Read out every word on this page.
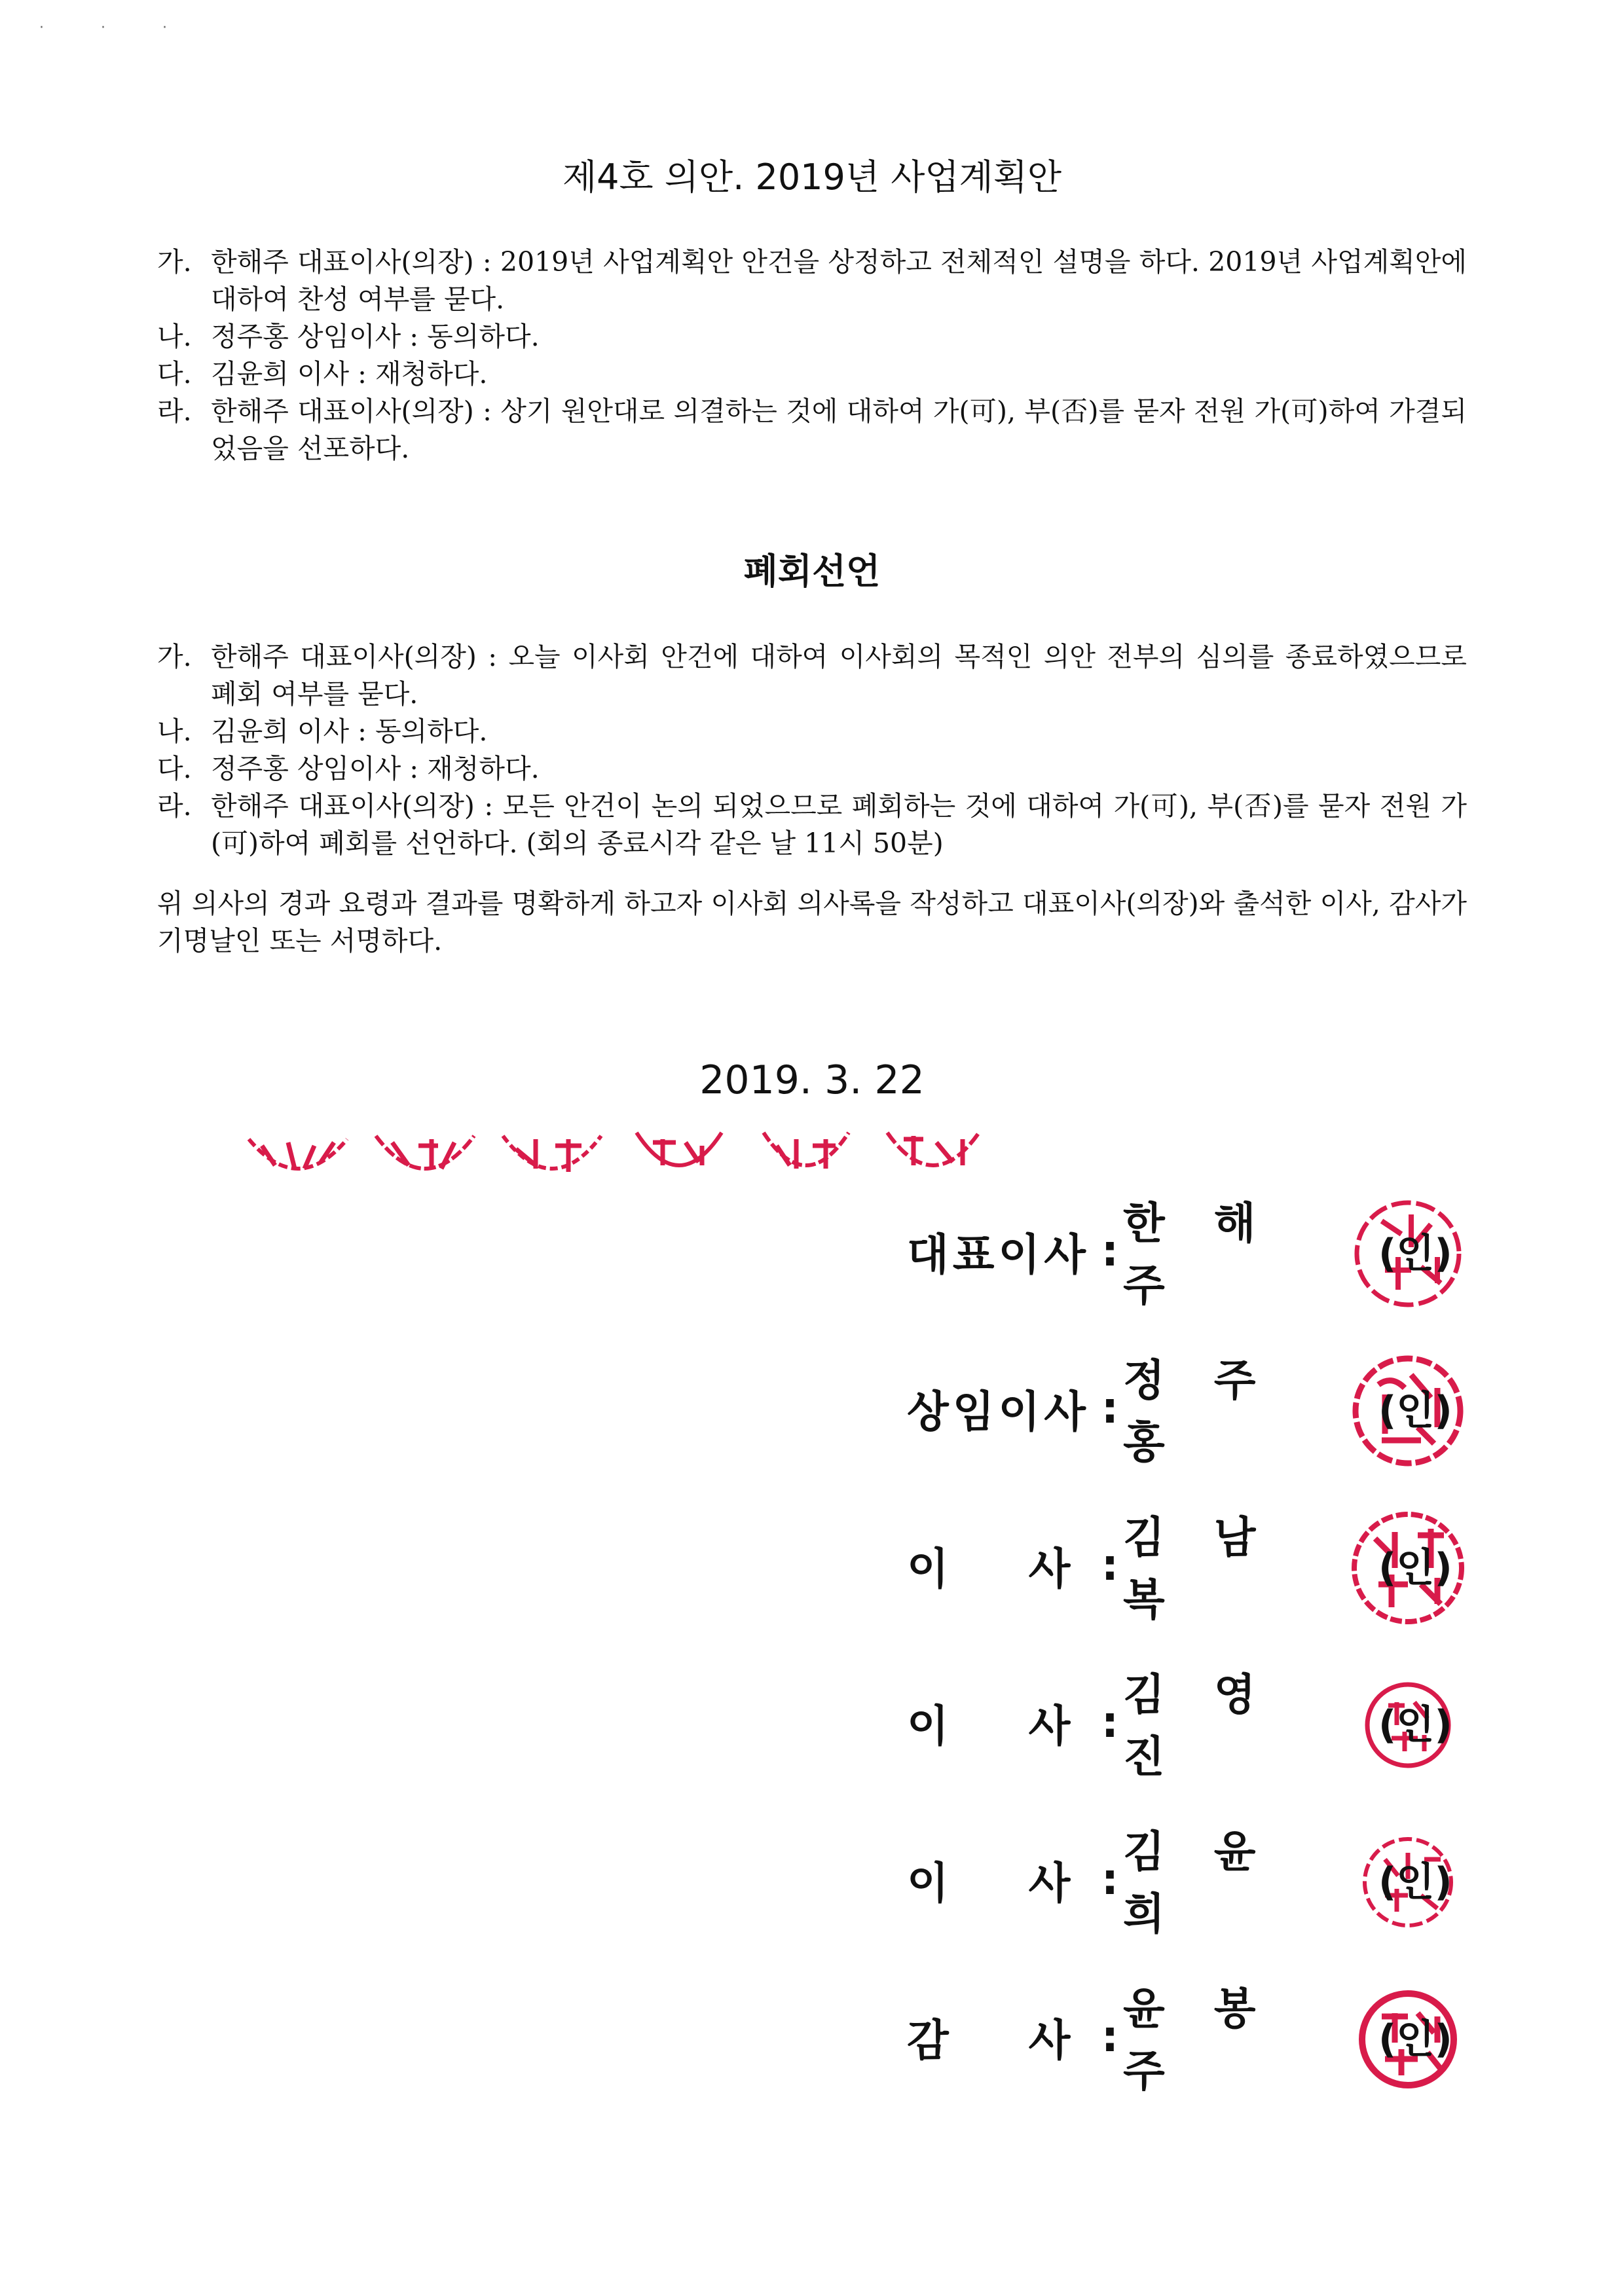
· · ·
제4호 의안. 2019년 사업계획안
가. 한해주 대표이사(의장) : 2019년 사업계획안 안건을 상정하고 전체적인 설명을 하다. 2019년 사업계획안에 대하여 찬성 여부를 묻다.
나. 정주홍 상임이사 : 동의하다.
다. 김윤희 이사 : 재청하다.
라. 한해주 대표이사(의장) : 상기 원안대로 의결하는 것에 대하여 가(可), 부(否)를 묻자 전원 가(可)하여 가결되었음을 선포하다.
폐회선언
가. 한해주 대표이사(의장) : 오늘 이사회 안건에 대하여 이사회의 목적인 의안 전부의 심의를 종료하였으므로 폐회 여부를 묻다.
나. 김윤희 이사 : 동의하다.
다. 정주홍 상임이사 : 재청하다.
라. 한해주 대표이사(의장) : 모든 안건이 논의 되었으므로 폐회하는 것에 대하여 가(可), 부(否)를 묻자 전원 가(可)하여 폐회를 선언하다. (회의 종료시각 같은 날 11시 50분)

위 의사의 경과 요령과 결과를 명확하게 하고자 이사회 의사록을 작성하고 대표이사(의장)와 출석한 이사, 감사가 기명날인 또는 서명하다.

2019. 3. 22

대표이사 :
한 해 주
(인)
상임이사 :
정 주 홍
(인)
이    사 :
김 남 복
(인)
이    사 :
김 영 진
(인)
이    사 :
김 윤 희
(인)
감    사 :
윤 봉 주
(인)
